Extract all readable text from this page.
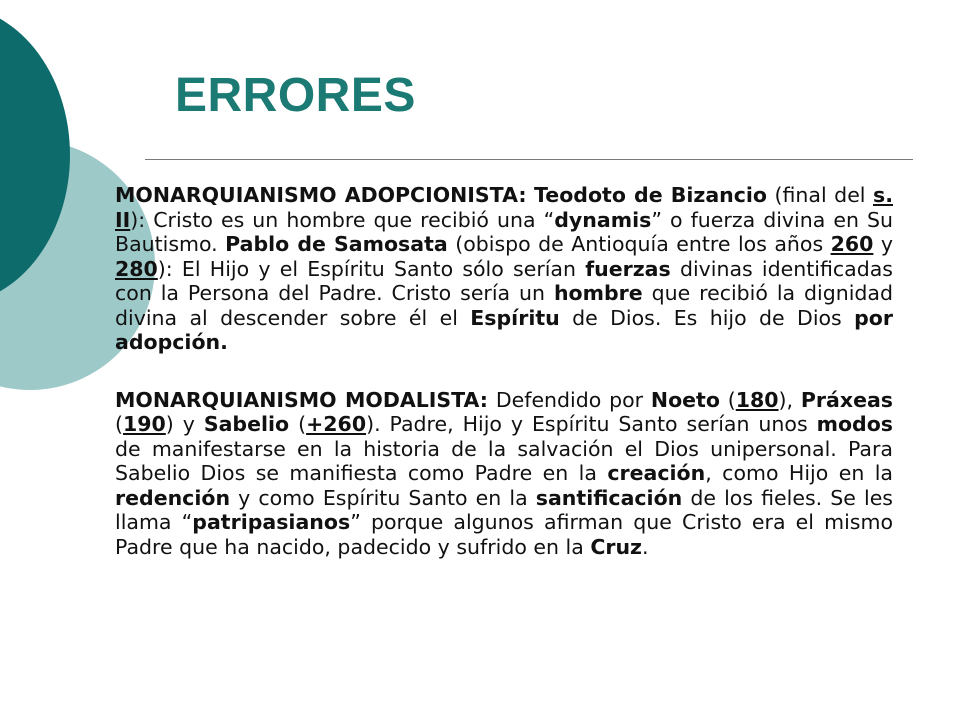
ERRORES

MONARQUIANISMO ADOPCIONISTA: Teodoto de Bizancio (final del s. II): Cristo es un hombre que recibió una “dynamis” o fuerza divina en Su Bautismo. Pablo de Samosata (obispo de Antioquía entre los años 260 y 280): El Hijo y el Espíritu Santo sólo serían fuerzas divinas identificadas con la Persona del Padre. Cristo sería un hombre que recibió la dignidad divina al descender sobre él el Espíritu de Dios. Es hijo de Dios por adopción.

MONARQUIANISMO MODALISTA: Defendido por Noeto (180), Práxeas (190) y Sabelio (+260). Padre, Hijo y Espíritu Santo serían unos modos de manifestarse en la historia de la salvación el Dios unipersonal. Para Sabelio Dios se manifiesta como Padre en la creación, como Hijo en la redención y como Espíritu Santo en la santificación de los fieles. Se les llama “patripasianos” porque algunos afirman que Cristo era el mismo Padre que ha nacido, padecido y sufrido en la Cruz.
